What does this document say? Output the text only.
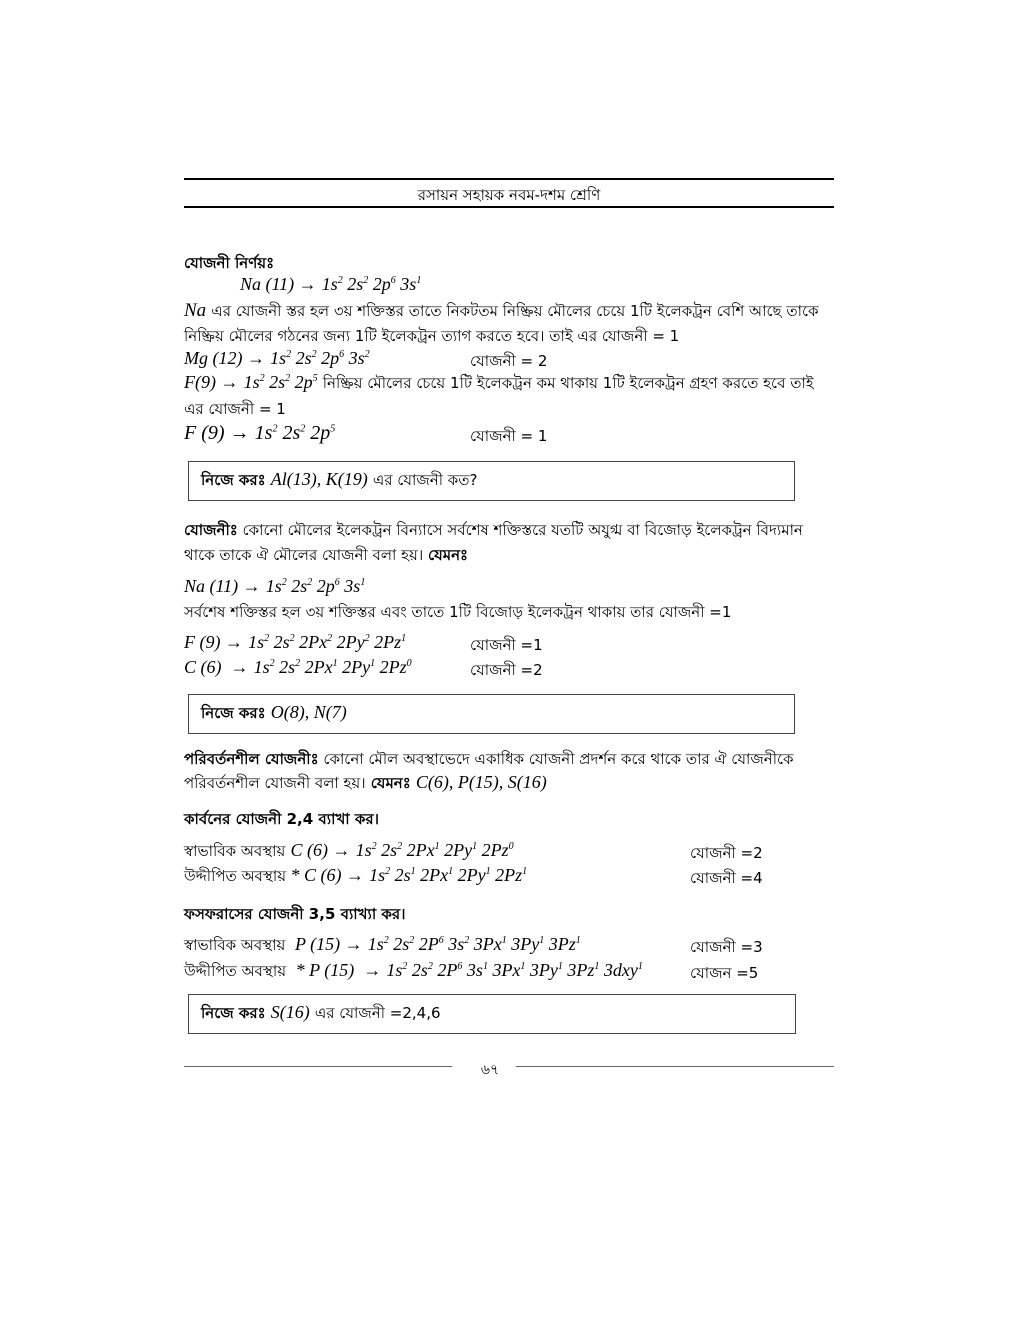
রসায়ন সহায়ক নবম-দশম শ্রেণি
যোজনী নির্ণয়ঃ
Na $(11) \to 1s^2$ $2s^2$ $2p^6$ $3s^1$
Na এর যোজনী স্তর হল ৩য় শক্তিস্তর তাতে নিকটতম নিষ্ক্রিয় মৌলের চেয়ে 1টি ইলেকট্রন বেশি আছে তাকে
নিষ্ক্রিয় মৌলের গঠনের জন্য 1টি ইলেকট্রন ত্যাগ করতে হবে। তাই এর যোজনী = 1
Mg $(12) \to 1s^2$ $2s^2$ $2p^6$ $3s^2$	যোজনী = 2
$F(9) \to 1s^2$ $2s^2$ $2p^5$ নিষ্ক্রিয় মৌলের চেয়ে 1টি ইলেকট্রন কম থাকায় 1টি ইলেকট্রন গ্রহণ করতে হবে তাই
এর যোজনী = 1
F $(9) \to 1s^2$ $2s^2$ $2p^5$	যোজনী = 1
নিজে করঃ Al(13), K(19) এর যোজনী কত?
যোজনীঃ কোনো মৌলের ইলেকট্রন বিন্যাসে সর্বশেষ শক্তিস্তরে যতটি অযুগ্ম বা বিজোড় ইলেকট্রন বিদ্যমান
থাকে তাকে ঐ মৌলের যোজনী বলা হয়। যেমনঃ
Na $(11) \to 1s^2$ $2s^2$ $2p^6$ $3s^1$
সর্বশেষ শক্তিস্তর হল ৩য় শক্তিস্তর এবং তাতে 1টি বিজোড় ইলেকট্রন থাকায় তার যোজনী =1
F $(9) \to 1s^2$ $2s^2$ 2Px$^2$ 2Py$^2$ 2Pz$^1$	যোজনী =1
C $(6) \to 1s^2$ $2s^2$ 2Px$^1$ 2Py$^1$ 2Pz$^0$	যোজনী =2
নিজে করঃ O(8), N(7)
পরিবর্তনশীল যোজনীঃ কোনো মৌল অবস্থাভেদে একাধিক যোজনী প্রদর্শন করে থাকে তার ঐ যোজনীকে
পরিবর্তনশীল যোজনী বলা হয়। যেমনঃ C(6), P(15), S(16)
কার্বনের যোজনী 2,4 ব্যাখা কর।
স্বাভাবিক অবস্থায় C $(6) \to 1s^2$ $2s^2$ 2Px$^1$ 2Py$^1$ 2Pz$^0$	যোজনী =2
উদ্দীপিত অবস্থায় * C $(6) \to 1s^2$ $2s^1$ 2Px$^1$ 2Py$^1$ 2Pz$^1$	যোজনী =4
ফসফরাসের যোজনী 3,5 ব্যাখ্যা কর।
স্বাভাবিক অবস্থায়  P $(15) \to 1s^2$ $2s^2$ $2P^6$ $3s^2$ 3Px$^1$ 3Py$^1$ 3Pz$^1$	যোজনী =3
উদ্দীপিত অবস্থায়  * P $(15) \to 1s^2$ $2s^2$ $2P^6$ $3s^1$ 3Px$^1$ 3Py$^1$ 3Pz$^1$ 3dxy$^1$	যোজন =5
নিজে করঃ S(16) এর যোজনী =2,4,6
৬৭
